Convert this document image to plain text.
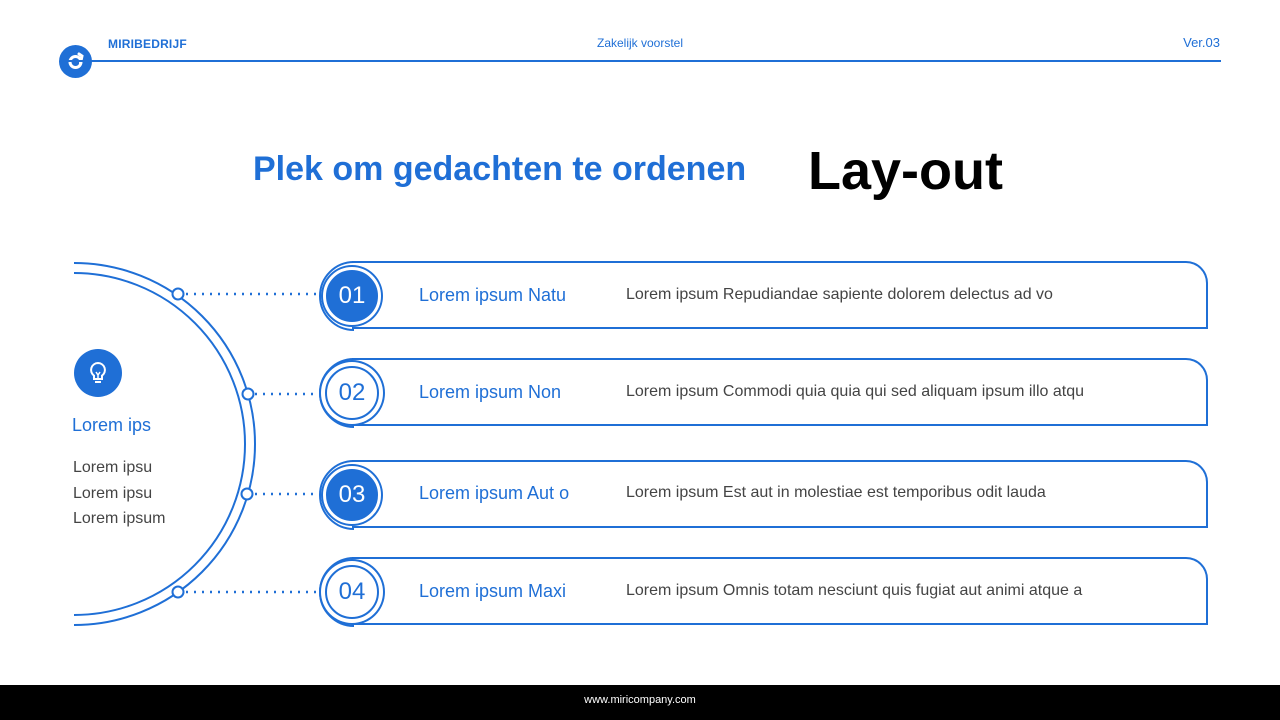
MIRIBEDRIJF	Zakelijk voorstel	Ver.03
Plek om gedachten te ordenen Lay-out
Lorem ips
Lorem ipsu
Lorem ipsu
Lorem ipsum
01	Lorem ipsum Natu	Lorem ipsum Repudiandae sapiente dolorem delectus ad vo
02	Lorem ipsum Non	Lorem ipsum Commodi quia quia qui sed aliquam ipsum illo atqu
03	Lorem ipsum Aut o	Lorem ipsum Est aut in molestiae est temporibus odit lauda
04	Lorem ipsum Maxi	Lorem ipsum Omnis totam nesciunt quis fugiat aut animi atque a
www.miricompany.com
